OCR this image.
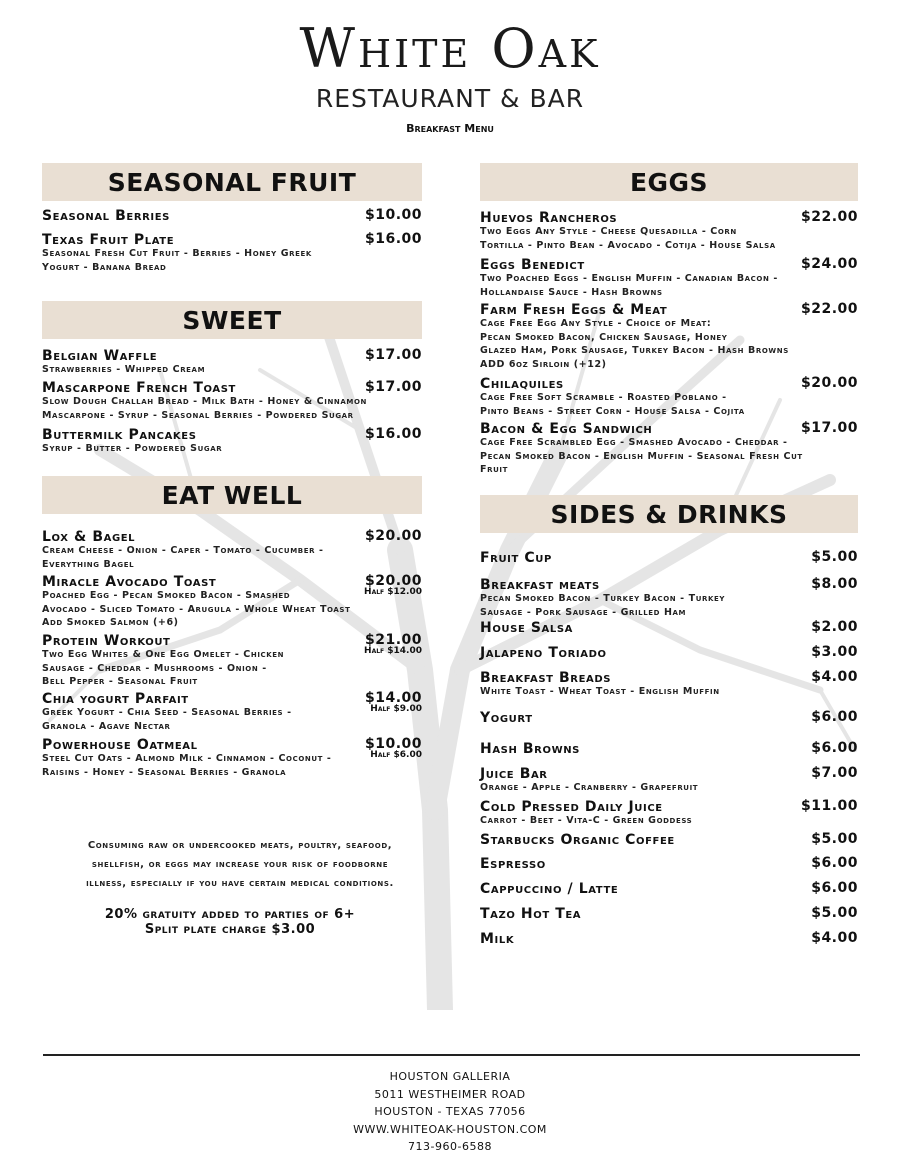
White Oak
RESTAURANT & BAR
Breakfast Menu
SEASONAL FRUIT
Seasonal Berries	$10.00
Texas Fruit Plate	$16.00
Seasonal Fresh Cut Fruit - Berries - Honey Greek
Yogurt - Banana Bread
SWEET
Belgian Waffle	$17.00
Strawberries - Whipped Cream
Mascarpone French Toast	$17.00
Slow Dough Challah Bread - Milk Bath - Honey & Cinnamon
Mascarpone - Syrup - Seasonal Berries - Powdered Sugar
Buttermilk Pancakes	$16.00
Syrup - Butter - Powdered Sugar
EAT WELL
Lox & Bagel	$20.00
Cream Cheese - Onion - Caper - Tomato - Cucumber -
Everything Bagel
Miracle Avocado Toast	$20.00
Half $12.00
Poached Egg - Pecan Smoked Bacon - Smashed
Avocado - Sliced Tomato - Arugula - Whole Wheat Toast
Add Smoked Salmon (+6)
Protein Workout	$21.00
Half $14.00
Two Egg Whites & One Egg Omelet - Chicken
Sausage - Cheddar - Mushrooms - Onion -
Bell Pepper - Seasonal Fruit
Chia yogurt Parfait	$14.00
Half $9.00
Greek Yogurt - Chia Seed - Seasonal Berries -
Granola - Agave Nectar
Powerhouse Oatmeal	$10.00
Half $6.00
Steel Cut Oats - Almond Milk - Cinnamon - Coconut -
Raisins - Honey - Seasonal Berries - Granola
EGGS
Huevos Rancheros	$22.00
Two Eggs Any Style - Cheese Quesadilla - Corn
Tortilla - Pinto Bean - Avocado - Cotija - House Salsa
Eggs Benedict	$24.00
Two Poached Eggs - English Muffin - Canadian Bacon -
Hollandaise Sauce - Hash Browns
Farm Fresh Eggs & Meat	$22.00
Cage Free Egg Any Style - Choice of Meat:
Pecan Smoked Bacon, Chicken Sausage, Honey
Glazed Ham, Pork Sausage, Turkey Bacon - Hash Browns
ADD 6oz Sirloin (+12)
Chilaquiles	$20.00
Cage Free Soft Scramble - Roasted Poblano -
Pinto Beans - Street Corn - House Salsa - Cojita
Bacon & Egg Sandwich	$17.00
Cage Free Scrambled Egg - Smashed Avocado - Cheddar -
Pecan Smoked Bacon - English Muffin - Seasonal Fresh Cut
Fruit
SIDES & DRINKS
Fruit Cup	$5.00
Breakfast meats	$8.00
Pecan Smoked Bacon - Turkey Bacon - Turkey
Sausage - Pork Sausage - Grilled Ham
House Salsa	$2.00
Jalapeno Toriado	$3.00
Breakfast Breads	$4.00
White Toast - Wheat Toast - English Muffin
Yogurt	$6.00
Hash Browns	$6.00
Juice Bar	$7.00
Orange - Apple - Cranberry - Grapefruit
Cold Pressed Daily Juice	$11.00
Carrot - Beet - Vita-C - Green Goddess
Starbucks Organic Coffee	$5.00
Espresso	$6.00
Cappuccino / Latte	$6.00
Tazo Hot Tea	$5.00
Milk	$4.00
Consuming raw or undercooked meats, poultry, seafood,
shellfish, or eggs may increase your risk of foodborne
illness, especially if you have certain medical conditions.
20% gratuity added to parties of 6+
Split plate charge $3.00
HOUSTON GALLERIA
5011 WESTHEIMER ROAD
HOUSTON - TEXAS 77056
WWW.WHITEOAK-HOUSTON.COM
713-960-6588
